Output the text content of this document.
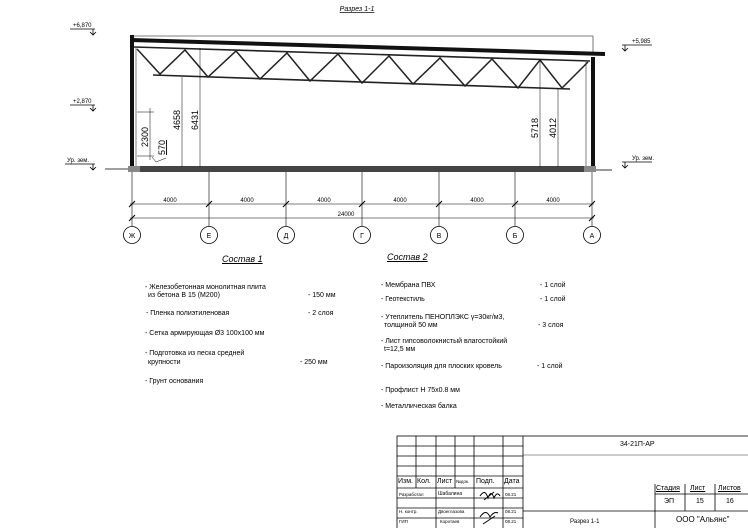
Разрез 1-1
+6,870
+2,870
Ур. зем.
+5,985
Ур. зем.
2300
570
4658 6431	5718 4012
4000	4000	4000	4000	4000	4000
24000
Ж	Е	Д	Г	В	Б	А
Состав 1
- Железобетонная монолитная плита
из бетона В 15 (М200)	- 150 мм
- Пленка полиэтиленовая	- 2 слоя
- Сетка армирующая Ø3 100х100 мм
- Подготовка из песка средней
крупности	- 250 мм
- Грунт основания
Состав 2
- Мембрана ПВХ	- 1 слой
- Геотекстиль	- 1 слой
- Утеплитель ПЕНОПЛЭКС γ=30кг/м3,
толщиной 50 мм	- 3 слоя
- Лист гипсоволокнистый влагостойкий
t=12,5 мм
- Пароизоляция для плоских кровель	- 1 слой
- Профлист Н 75х0.8 мм
- Металлическая балка
34-21П-АР
Изм. Кол. Лист №док. Подп. Дата
Разработал	Шабалина	08.21
Н. контр.	Двоеглазова	08.21
ГИП	Коротаев	08.21
Стадия Лист Листов
ЭП	15	16
Разрез 1-1	ООО "Альянс"
